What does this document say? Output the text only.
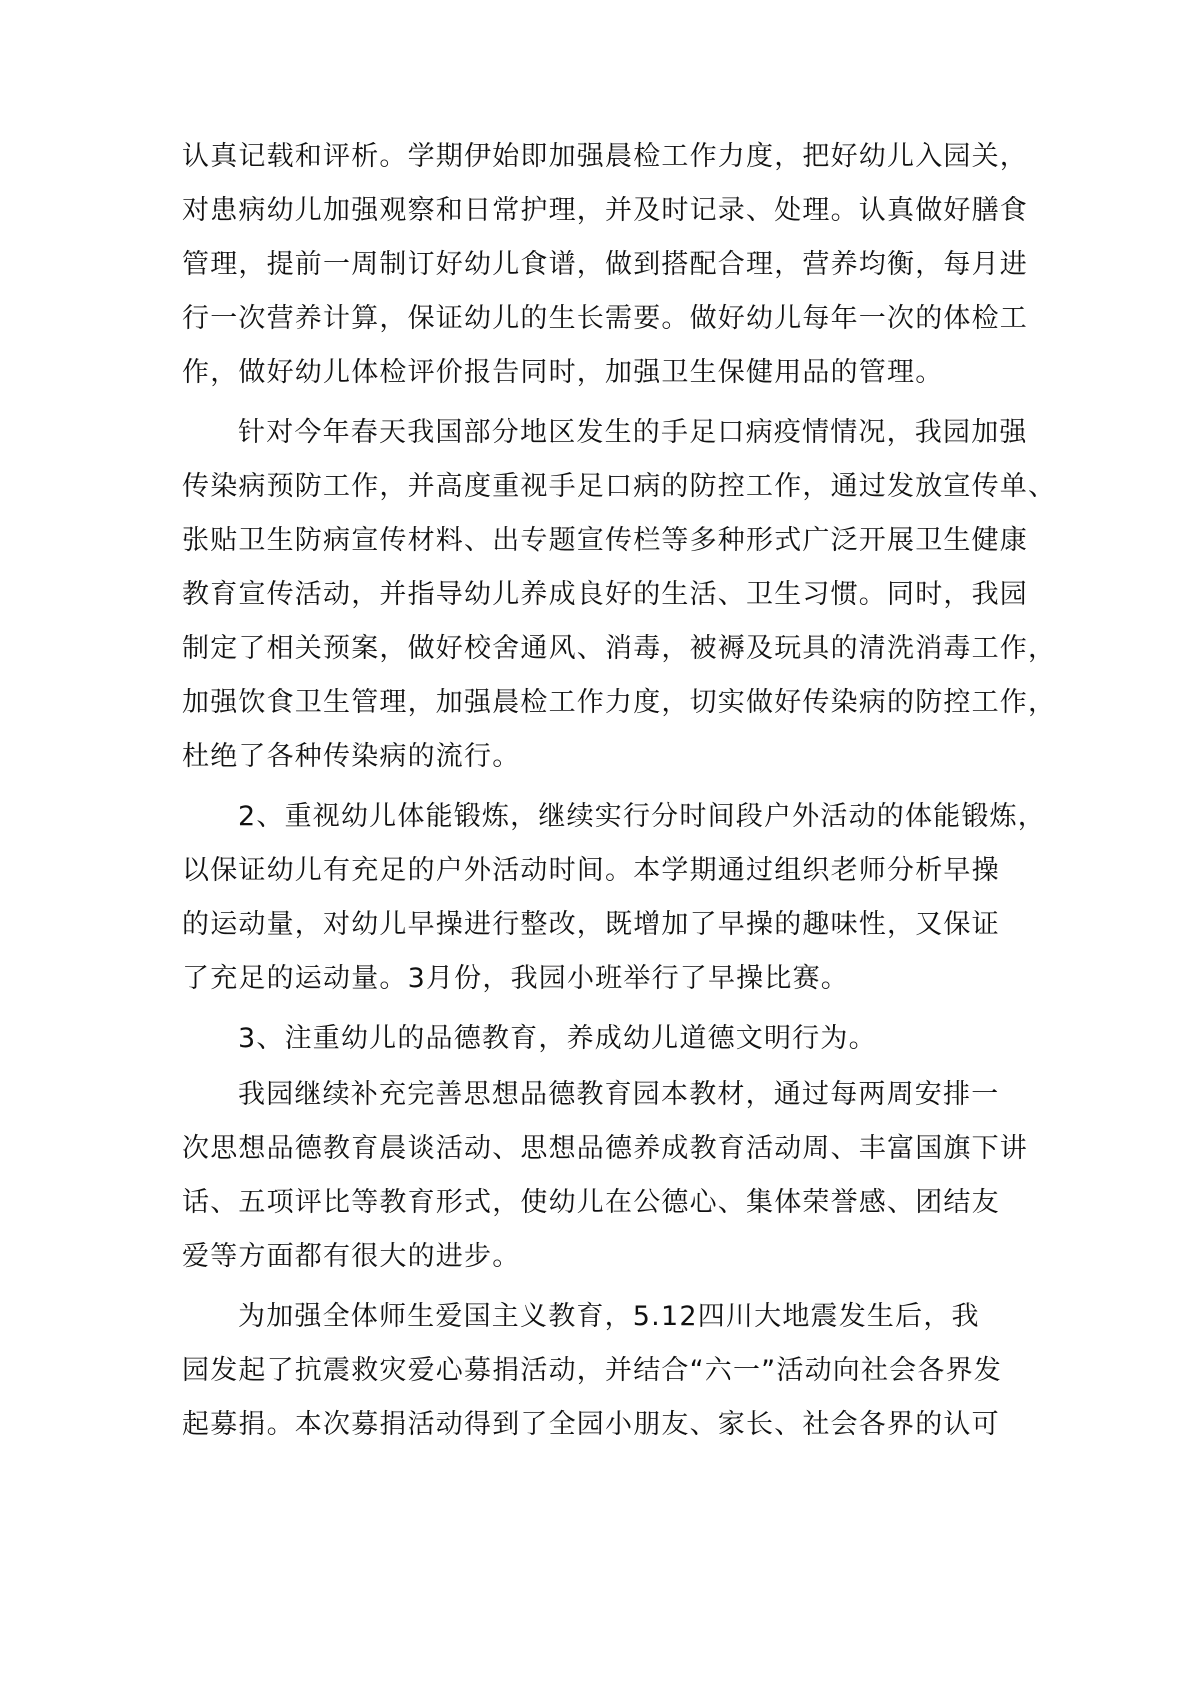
认真记载和评析。学期伊始即加强晨检工作力度，把好幼儿入园关，
对患病幼儿加强观察和日常护理，并及时记录、处理。认真做好膳食
管理，提前一周制订好幼儿食谱，做到搭配合理，营养均衡，每月进
行一次营养计算，保证幼儿的生长需要。做好幼儿每年一次的体检工
作，做好幼儿体检评价报告同时，加强卫生保健用品的管理。
针对今年春天我国部分地区发生的手足口病疫情情况，我园加强
传染病预防工作，并高度重视手足口病的防控工作，通过发放宣传单、
张贴卫生防病宣传材料、出专题宣传栏等多种形式广泛开展卫生健康
教育宣传活动，并指导幼儿养成良好的生活、卫生习惯。同时，我园
制定了相关预案，做好校舍通风、消毒，被褥及玩具的清洗消毒工作，
加强饮食卫生管理，加强晨检工作力度，切实做好传染病的防控工作，
杜绝了各种传染病的流行。
2、重视幼儿体能锻炼，继续实行分时间段户外活动的体能锻炼，
以保证幼儿有充足的户外活动时间。本学期通过组织老师分析早操
的运动量，对幼儿早操进行整改，既增加了早操的趣味性，又保证
了充足的运动量。3月份，我园小班举行了早操比赛。
3、注重幼儿的品德教育，养成幼儿道德文明行为。
我园继续补充完善思想品德教育园本教材，通过每两周安排一
次思想品德教育晨谈活动、思想品德养成教育活动周、丰富国旗下讲
话、五项评比等教育形式，使幼儿在公德心、集体荣誉感、团结友
爱等方面都有很大的进步。
为加强全体师生爱国主义教育，5.12四川大地震发生后，我
园发起了抗震救灾爱心募捐活动，并结合“六一”活动向社会各界发
起募捐。本次募捐活动得到了全园小朋友、家长、社会各界的认可
